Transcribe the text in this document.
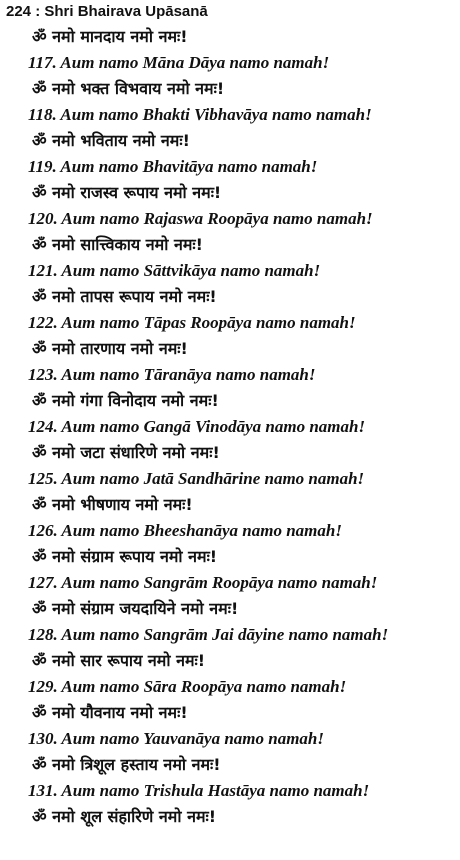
224 : Shri Bhairava Upāsanā
ॐ नमो मानदाय नमो नमः!
117. Aum namo Māna Dāya namo namah!
ॐ नमो भक्त विभवाय नमो नमः!
118. Aum namo Bhakti Vibhavāya namo namah!
ॐ नमो भविताय नमो नमः!
119. Aum namo Bhavitāya namo namah!
ॐ नमो राजस्व रूपाय नमो नमः!
120. Aum namo Rajaswa Roopāya namo namah!
ॐ नमो सात्त्विकाय नमो नमः!
121. Aum namo Sāttvikāya namo namah!
ॐ नमो तापस रूपाय नमो नमः!
122. Aum namo Tāpas Roopāya namo namah!
ॐ नमो तारणाय नमो नमः!
123. Aum namo Tāranāya namo namah!
ॐ नमो गंगा विनोदाय नमो नमः!
124. Aum namo Gangā Vinodāya namo namah!
ॐ नमो जटा संधारिणे नमो नमः!
125. Aum namo Jatā Sandhārine namo namah!
ॐ नमो भीषणाय नमो नमः!
126. Aum namo Bheeshanāya namo namah!
ॐ नमो संग्राम रूपाय नमो नमः!
127. Aum namo Sangrām Roopāya namo namah!
ॐ नमो संग्राम जयदायिने नमो नमः!
128. Aum namo Sangrām Jai dāyine namo namah!
ॐ नमो सार रूपाय नमो नमः!
129. Aum namo Sāra Roopāya namo namah!
ॐ नमो यौवनाय नमो नमः!
130. Aum namo Yauvanāya namo namah!
ॐ नमो त्रिशूल हस्ताय नमो नमः!
131. Aum namo Trishula Hastāya namo namah!
ॐ नमो शूल संहारिणे नमो नमः!
